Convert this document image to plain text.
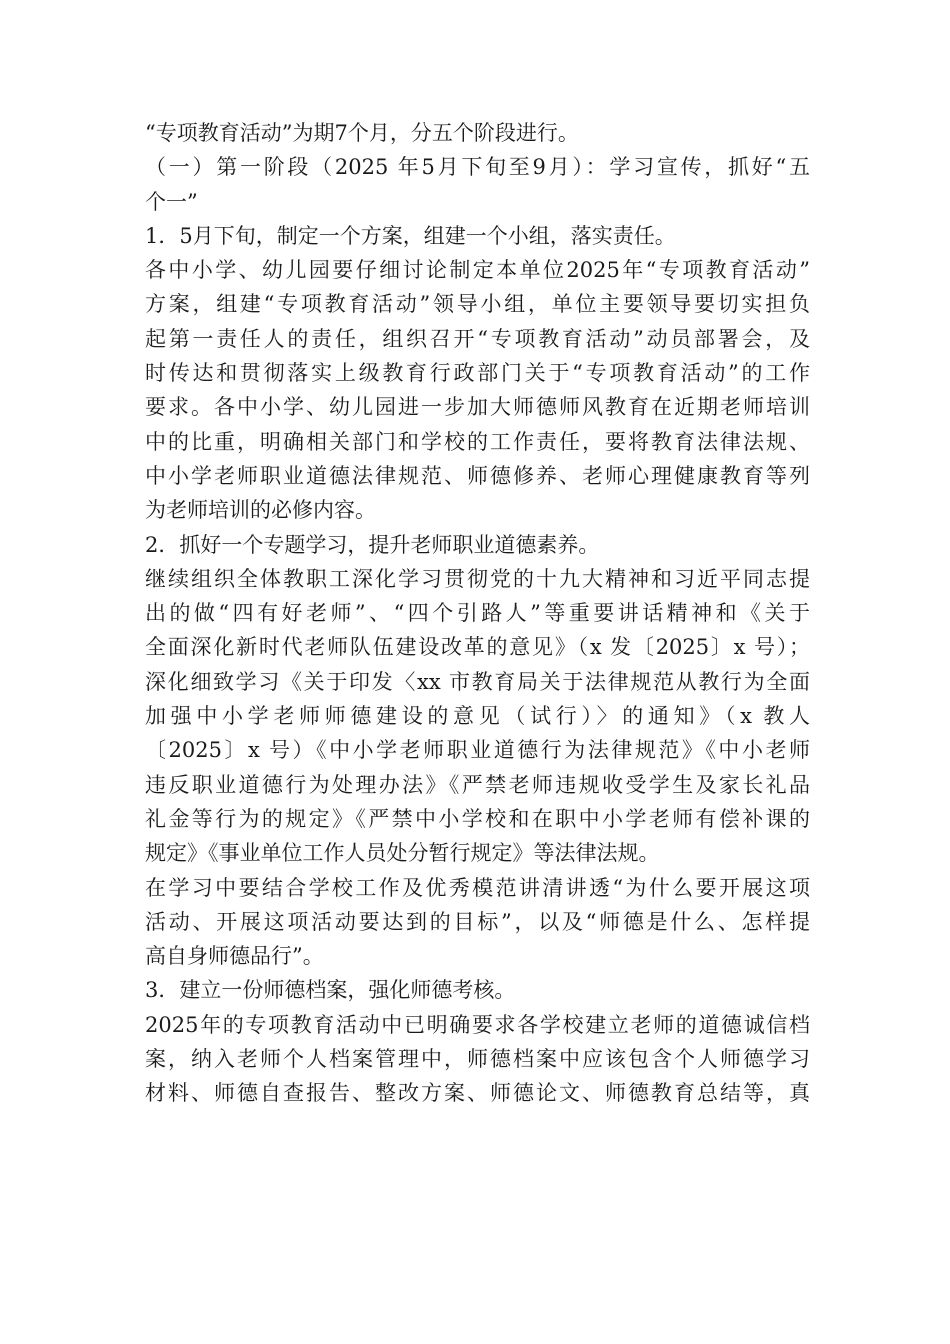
“专项教育活动”为期7个月，分五个阶段进行。
（一）第一阶段（2025 年5月下旬至9月）：学习宣传，抓好“五
个一”
1．5月下旬，制定一个方案，组建一个小组，落实责任。
各中小学、幼儿园要仔细讨论制定本单位2025年“专项教育活动”
方案，组建“专项教育活动”领导小组，单位主要领导要切实担负
起第一责任人的责任，组织召开“专项教育活动”动员部署会，及
时传达和贯彻落实上级教育行政部门关于“专项教育活动”的工作
要求。各中小学、幼儿园进一步加大师德师风教育在近期老师培训
中的比重，明确相关部门和学校的工作责任，要将教育法律法规、
中小学老师职业道德法律规范、师德修养、老师心理健康教育等列
为老师培训的必修内容。
2．抓好一个专题学习，提升老师职业道德素养。
继续组织全体教职工深化学习贯彻党的十九大精神和习近平同志提
出的做“四有好老师”、“四个引路人”等重要讲话精神和《关于
全面深化新时代老师队伍建设改革的意见》（x 发〔2025〕x 号）；
深化细致学习《关于印发〈xx 市教育局关于法律规范从教行为全面
加强中小学老师师德建设的意见（试行）〉的通知》（x 教人
〔2025〕x 号）《中小学老师职业道德行为法律规范》《中小老师
违反职业道德行为处理办法》《严禁老师违规收受学生及家长礼品
礼金等行为的规定》《严禁中小学校和在职中小学老师有偿补课的
规定》《事业单位工作人员处分暂行规定》等法律法规。
在学习中要结合学校工作及优秀模范讲清讲透“为什么要开展这项
活动、开展这项活动要达到的目标”，以及“师德是什么、怎样提
高自身师德品行”。
3．建立一份师德档案，强化师德考核。
2025年的专项教育活动中已明确要求各学校建立老师的道德诚信档
案，纳入老师个人档案管理中，师德档案中应该包含个人师德学习
材料、师德自查报告、整改方案、师德论文、师德教育总结等，真
